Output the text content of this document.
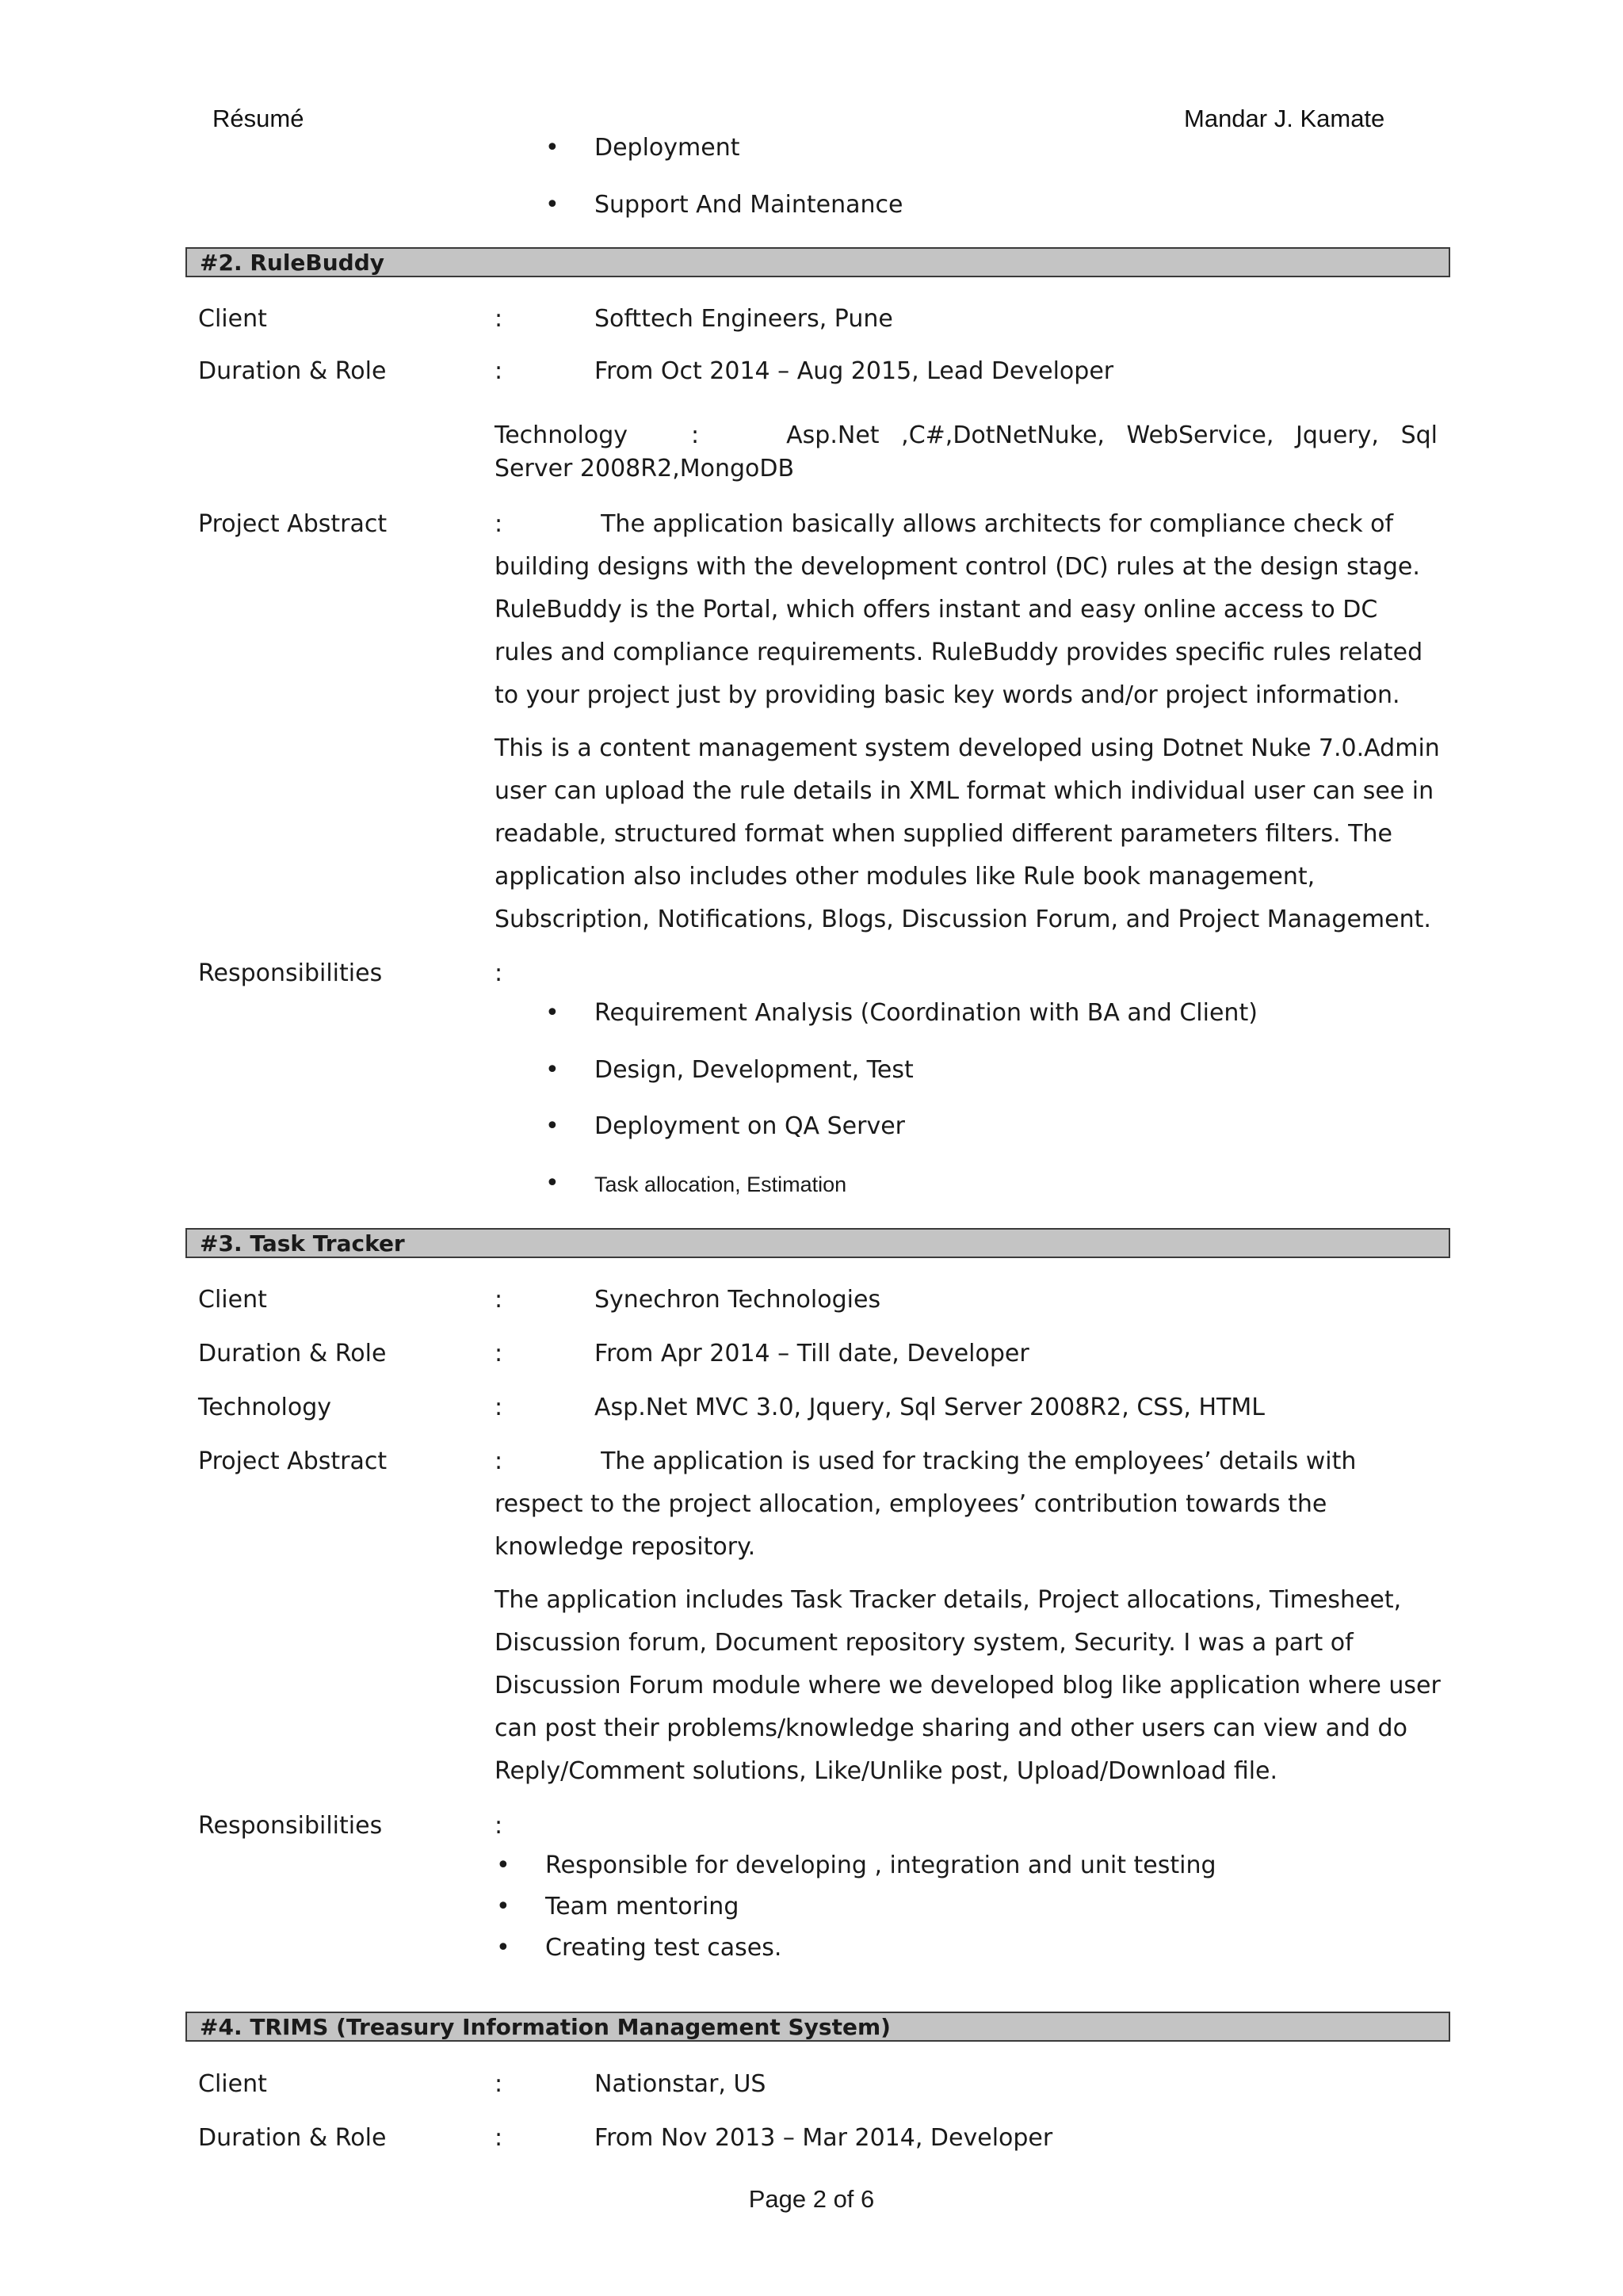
Résumé	Mandar J. Kamate
• Deployment
• Support And Maintenance
#2. RuleBuddy
Client	:	Softtech Engineers, Pune
Duration & Role	:	From Oct 2014 – Aug 2015, Lead Developer
Technology	:	Asp.Net ,C#,DotNetNuke, WebService, Jquery, Sql Server 2008R2,MongoDB
Project Abstract	:	The application basically allows architects for compliance check of building designs with the development control (DC) rules at the design stage. RuleBuddy is the Portal, which offers instant and easy online access to DC rules and compliance requirements. RuleBuddy provides specific rules related to your project just by providing basic key words and/or project information.
This is a content management system developed using Dotnet Nuke 7.0.Admin user can upload the rule details in XML format which individual user can see in readable, structured format when supplied different parameters filters. The application also includes other modules like Rule book management, Subscription, Notifications, Blogs, Discussion Forum, and Project Management.
Responsibilities	:
• Requirement Analysis (Coordination with BA and Client)
• Design, Development, Test
• Deployment on QA Server
• Task allocation, Estimation
#3. Task Tracker
Client	:	Synechron Technologies
Duration & Role	:	From Apr 2014 – Till date, Developer
Technology	:	Asp.Net MVC 3.0, Jquery, Sql Server 2008R2, CSS, HTML
Project Abstract	:	The application is used for tracking the employees’ details with respect to the project allocation, employees’ contribution towards the knowledge repository.
The application includes Task Tracker details, Project allocations, Timesheet, Discussion forum, Document repository system, Security. I was a part of Discussion Forum module where we developed blog like application where user can post their problems/knowledge sharing and other users can view and do Reply/Comment solutions, Like/Unlike post, Upload/Download file.
Responsibilities	:
• Responsible for developing , integration and unit testing
• Team mentoring
• Creating test cases.
#4. TRIMS (Treasury Information Management System)
Client	:	Nationstar, US
Duration & Role	:	From Nov 2013 – Mar 2014, Developer
Page 2 of 6
